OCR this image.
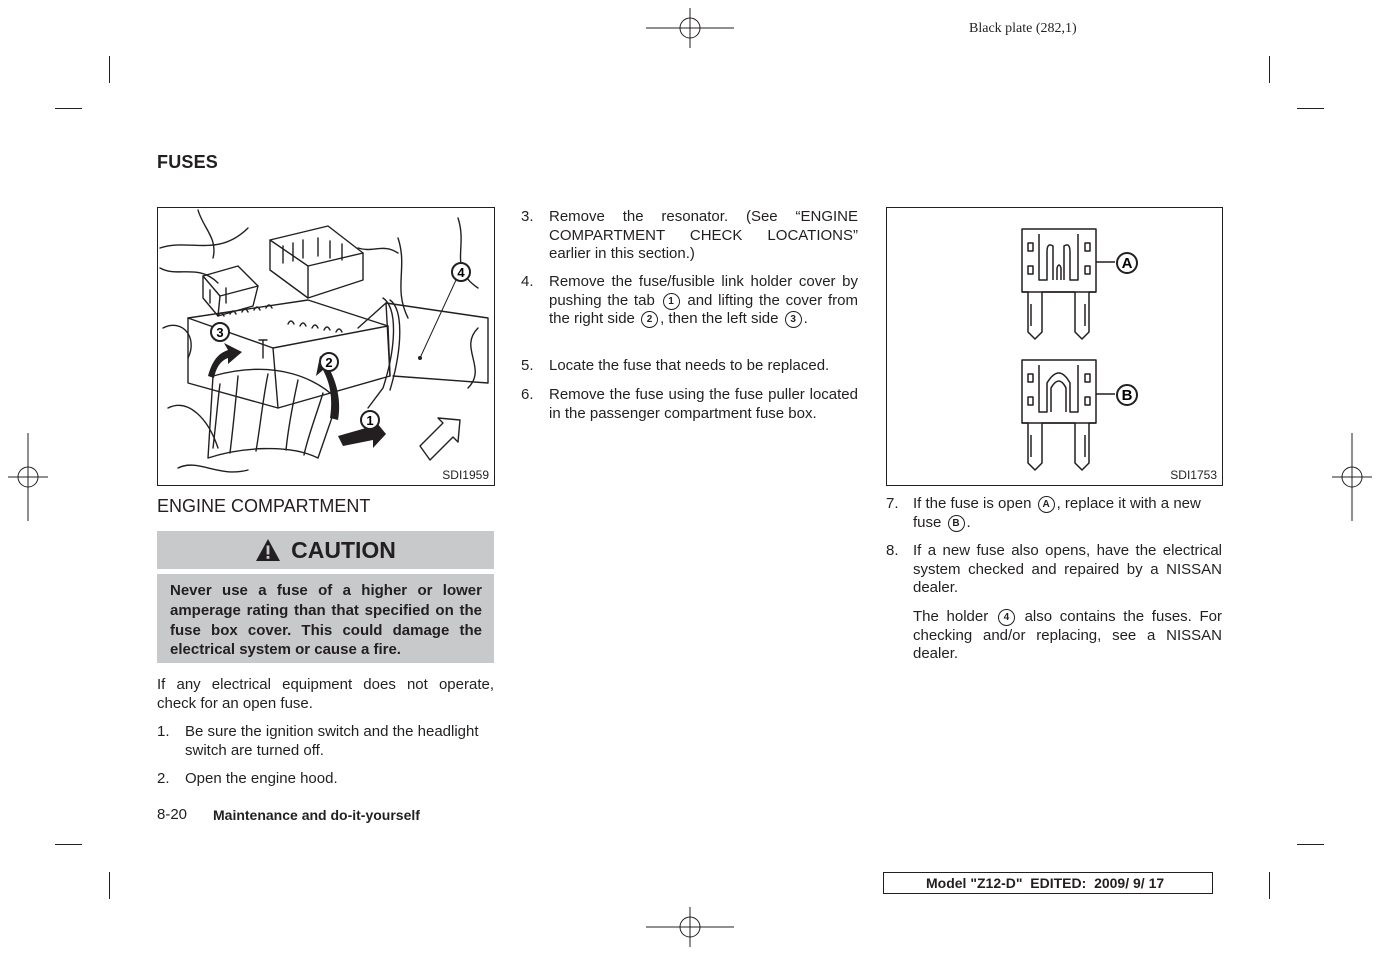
Black plate (282,1)
FUSES
1
2
3
4
SDI1959
ENGINE COMPARTMENT
CAUTION
Never use a fuse of a higher or lower amperage rating than that specified on the fuse box cover. This could damage the electrical system or cause a fire.
If any electrical equipment does not operate, check for an open fuse.
1. Be sure the ignition switch and the headlight switch are turned off.
2. Open the engine hood.
3. Remove the resonator. (See “ENGINE COMPARTMENT CHECK LOCATIONS” earlier in this section.)
4. Remove the fuse/fusible link holder cover by pushing the tab 1 and lifting the cover from the right side 2 , then the left side 3 .
5. Locate the fuse that needs to be replaced.
6. Remove the fuse using the fuse puller located in the passenger compartment fuse box.
A
B
SDI1753
7. If the fuse is open A , replace it with a new fuse B .
8. If a new fuse also opens, have the electrical system checked and repaired by a NISSAN dealer.
The holder 4 also contains the fuses. For checking and/or replacing, see a NISSAN dealer.
8-20 Maintenance and do-it-yourself
Model "Z12-D" EDITED: 2009/ 9/ 17
